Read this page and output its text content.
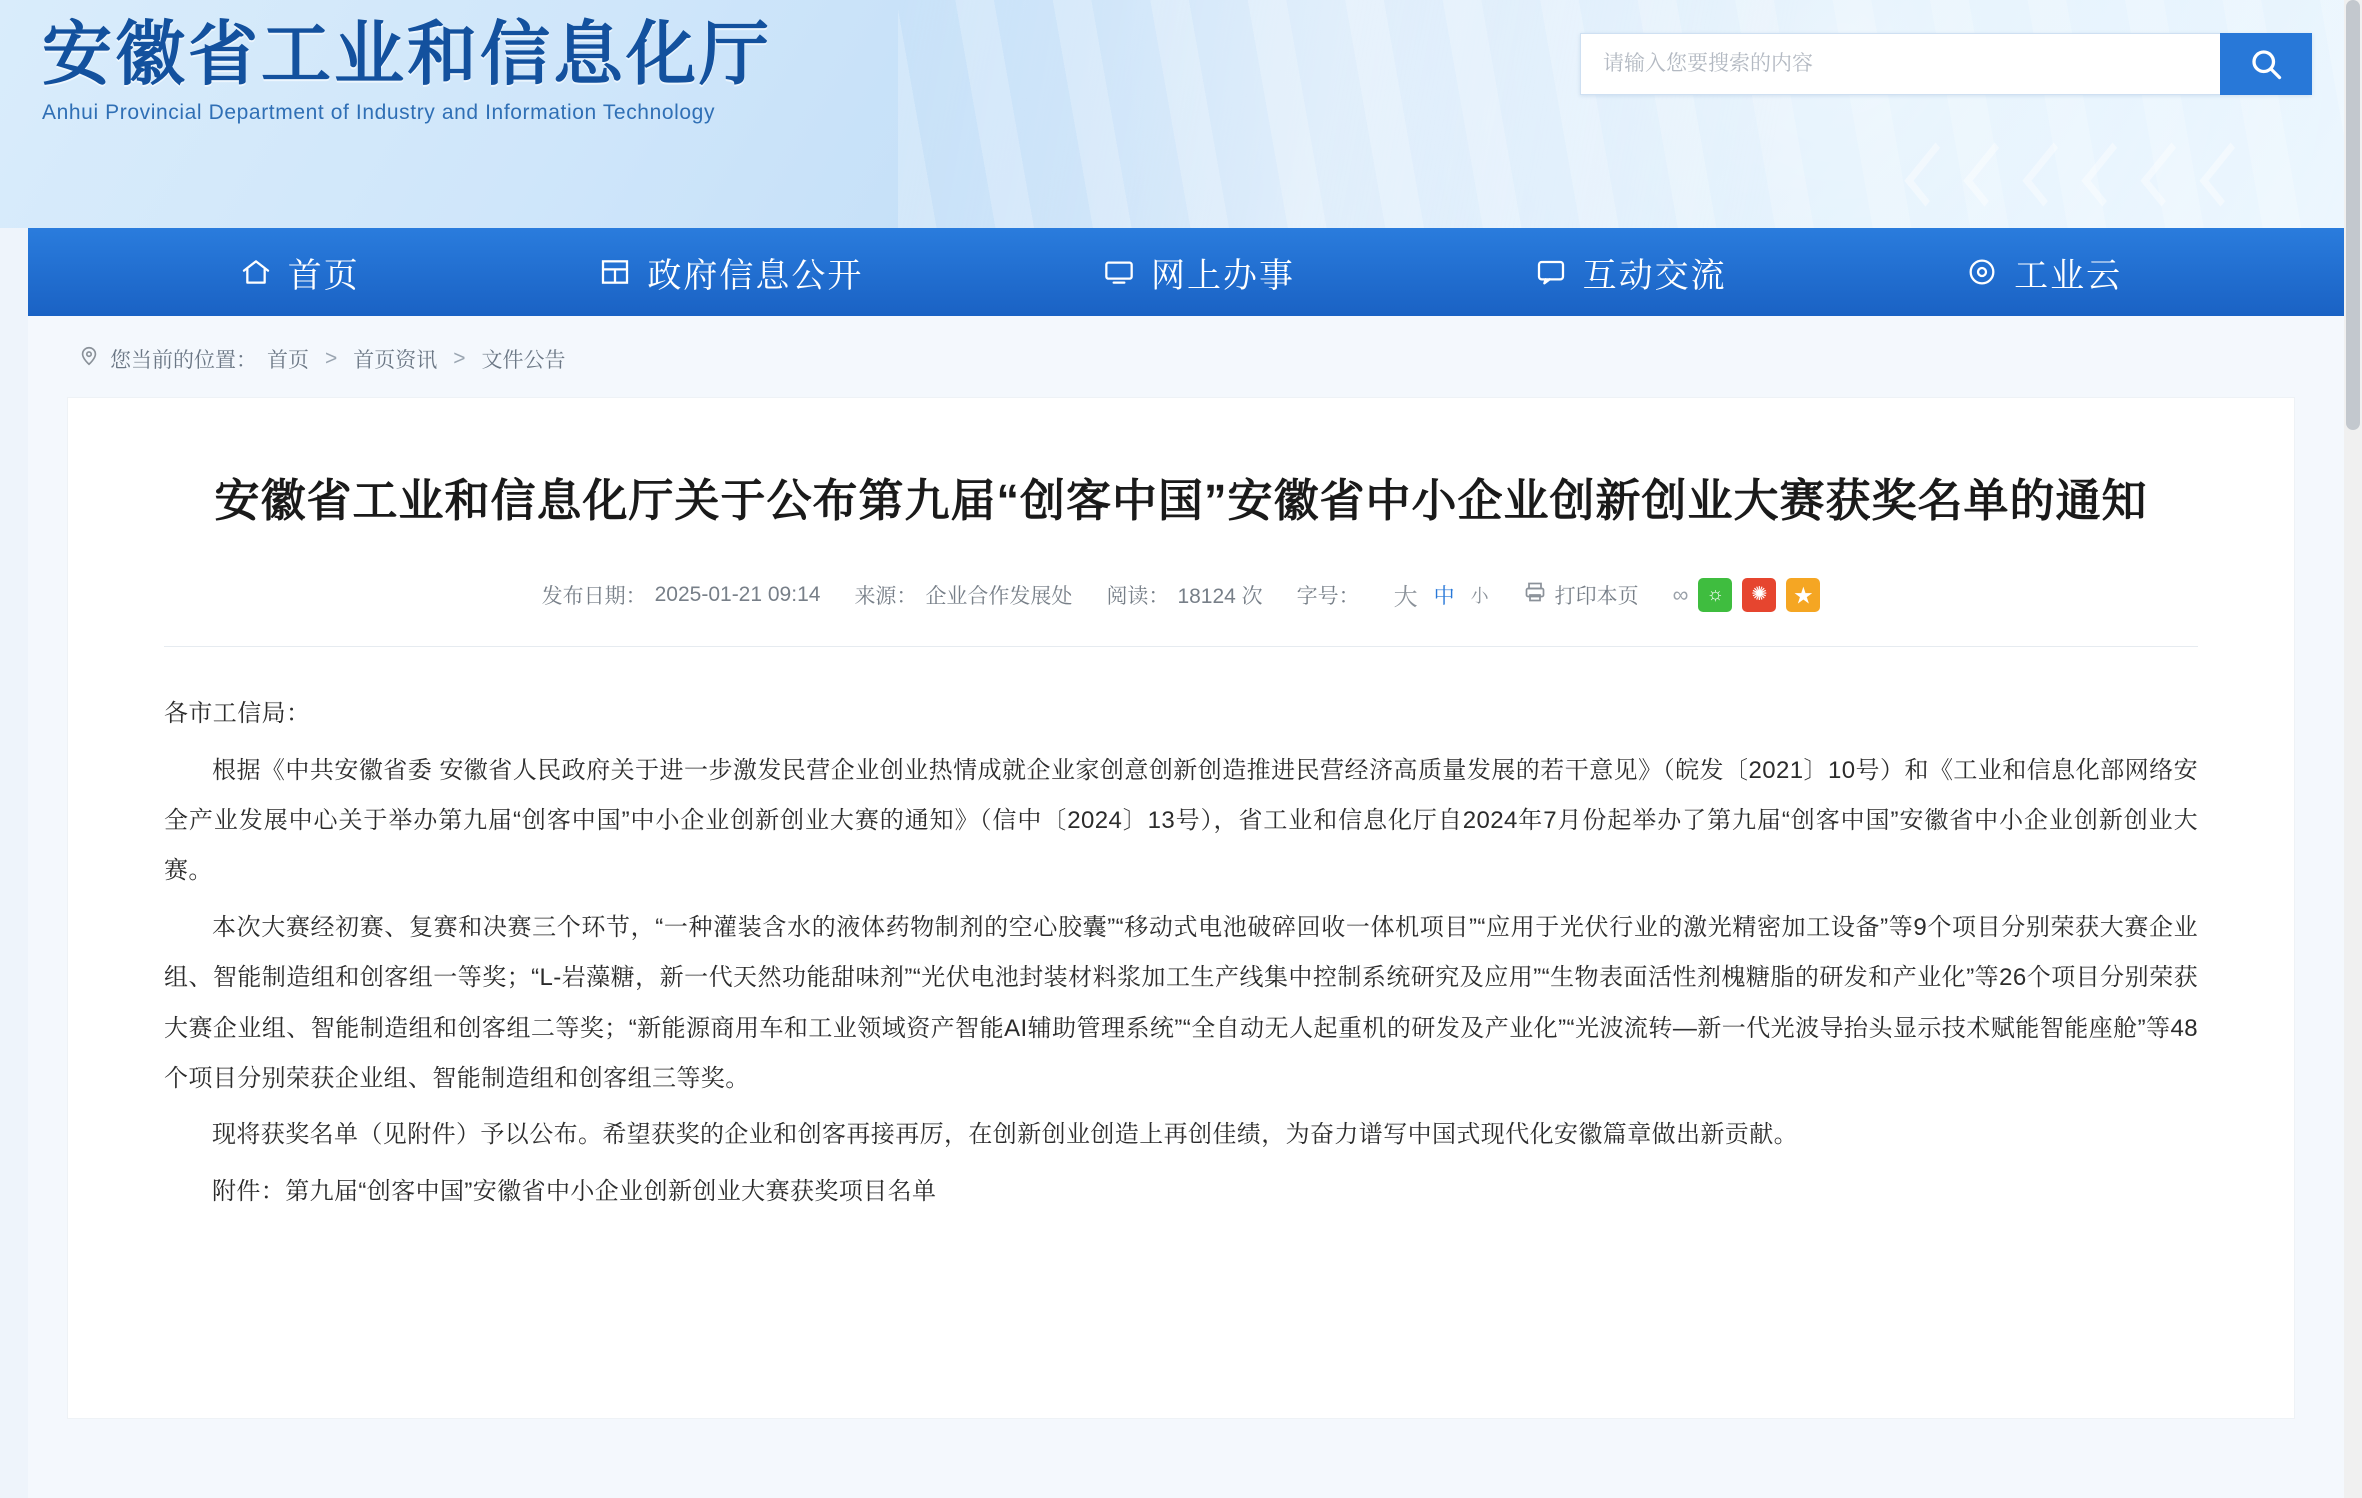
安徽省工业和信息化厅
Anhui Provincial Department of Industry and Information Technology
请输入您要搜索的内容
首页	政府信息公开	网上办事	互动交流	工业云
您当前的位置： 首页 > 首页资讯 > 文件公告
安徽省工业和信息化厅关于公布第九届“创客中国”安徽省中小企业创新创业大赛获奖名单的通知
发布日期： 2025-01-21 09:14 来源： 企业合作发展处 阅读： 18124 次 字号： 大 中 小	打印本页 ∞ ☼	✺	★

各市工信局：

根据《中共安徽省委 安徽省人民政府关于进一步激发民营企业创业热情成就企业家创意创新创造推进民营经济高质量发展的若干意见》（皖发〔2021〕10号）和《工业和信息化部网络安全产业发展中心关于举办第九届“创客中国”中小企业创新创业大赛的通知》（信中〔2024〕13号），省工业和信息化厅自2024年7月份起举办了第九届“创客中国”安徽省中小企业创新创业大赛。

本次大赛经初赛、复赛和决赛三个环节，“一种灌装含水的液体药物制剂的空心胶囊”“移动式电池破碎回收一体机项目”“应用于光伏行业的激光精密加工设备”等9个项目分别荣获大赛企业组、智能制造组和创客组一等奖；“L-岩藻糖，新一代天然功能甜味剂”“光伏电池封装材料浆加工生产线集中控制系统研究及应用”“生物表面活性剂槐糖脂的研发和产业化”等26个项目分别荣获大赛企业组、智能制造组和创客组二等奖；“新能源商用车和工业领域资产智能AI辅助管理系统”“全自动无人起重机的研发及产业化”“光波流转—新一代光波导抬头显示技术赋能智能座舱”等48个项目分别荣获企业组、智能制造组和创客组三等奖。

现将获奖名单（见附件）予以公布。希望获奖的企业和创客再接再厉，在创新创业创造上再创佳绩，为奋力谱写中国式现代化安徽篇章做出新贡献。

附件：第九届“创客中国”安徽省中小企业创新创业大赛获奖项目名单
